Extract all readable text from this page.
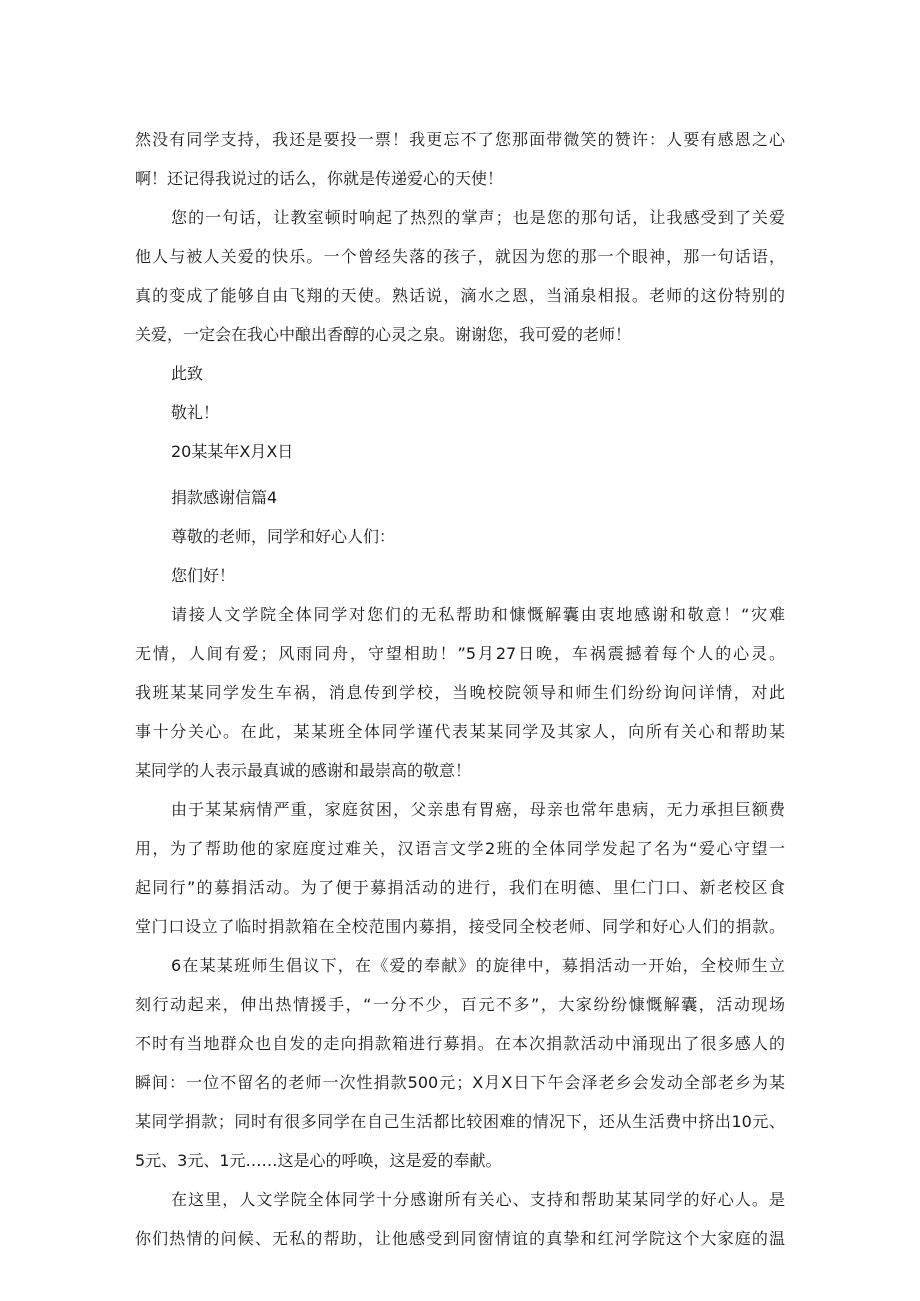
然没有同学支持，我还是要投一票！我更忘不了您那面带微笑的赞许：人要有感恩之心
啊！还记得我说过的话么，你就是传递爱心的天使！
您的一句话，让教室顿时响起了热烈的掌声；也是您的那句话，让我感受到了关爱
他人与被人关爱的快乐。一个曾经失落的孩子，就因为您的那一个眼神，那一句话语，
真的变成了能够自由飞翔的天使。熟话说，滴水之恩，当涌泉相报。老师的这份特别的
关爱，一定会在我心中酿出香醇的心灵之泉。谢谢您，我可爱的老师！
此致
敬礼！
20某某年X月X日
捐款感谢信篇4
尊敬的老师，同学和好心人们：
您们好！
请接人文学院全体同学对您们的无私帮助和慷慨解囊由衷地感谢和敬意！“灾难
无情，人间有爱；风雨同舟，守望相助！”5月27日晚，车祸震撼着每个人的心灵。
我班某某同学发生车祸，消息传到学校，当晚校院领导和师生们纷纷询问详情，对此
事十分关心。在此，某某班全体同学谨代表某某同学及其家人，向所有关心和帮助某
某同学的人表示最真诚的感谢和最崇高的敬意！
由于某某病情严重，家庭贫困，父亲患有胃癌，母亲也常年患病，无力承担巨额费
用，为了帮助他的家庭度过难关，汉语言文学2班的全体同学发起了名为“爱心守望一
起同行”的募捐活动。为了便于募捐活动的进行，我们在明德、里仁门口、新老校区食
堂门口设立了临时捐款箱在全校范围内募捐，接受同全校老师、同学和好心人们的捐款。
6在某某班师生倡议下，在《爱的奉献》的旋律中，募捐活动一开始，全校师生立
刻行动起来，伸出热情援手，“一分不少，百元不多”，大家纷纷慷慨解囊，活动现场
不时有当地群众也自发的走向捐款箱进行募捐。在本次捐款活动中涌现出了很多感人的
瞬间：一位不留名的老师一次性捐款500元；X月X日下午会泽老乡会发动全部老乡为某
某同学捐款；同时有很多同学在自己生活都比较困难的情况下，还从生活费中挤出10元、
5元、3元、1元……这是心的呼唤，这是爱的奉献。
在这里，人文学院全体同学十分感谢所有关心、支持和帮助某某同学的好心人。是
你们热情的问候、无私的帮助，让他感受到同窗情谊的真挚和红河学院这个大家庭的温
